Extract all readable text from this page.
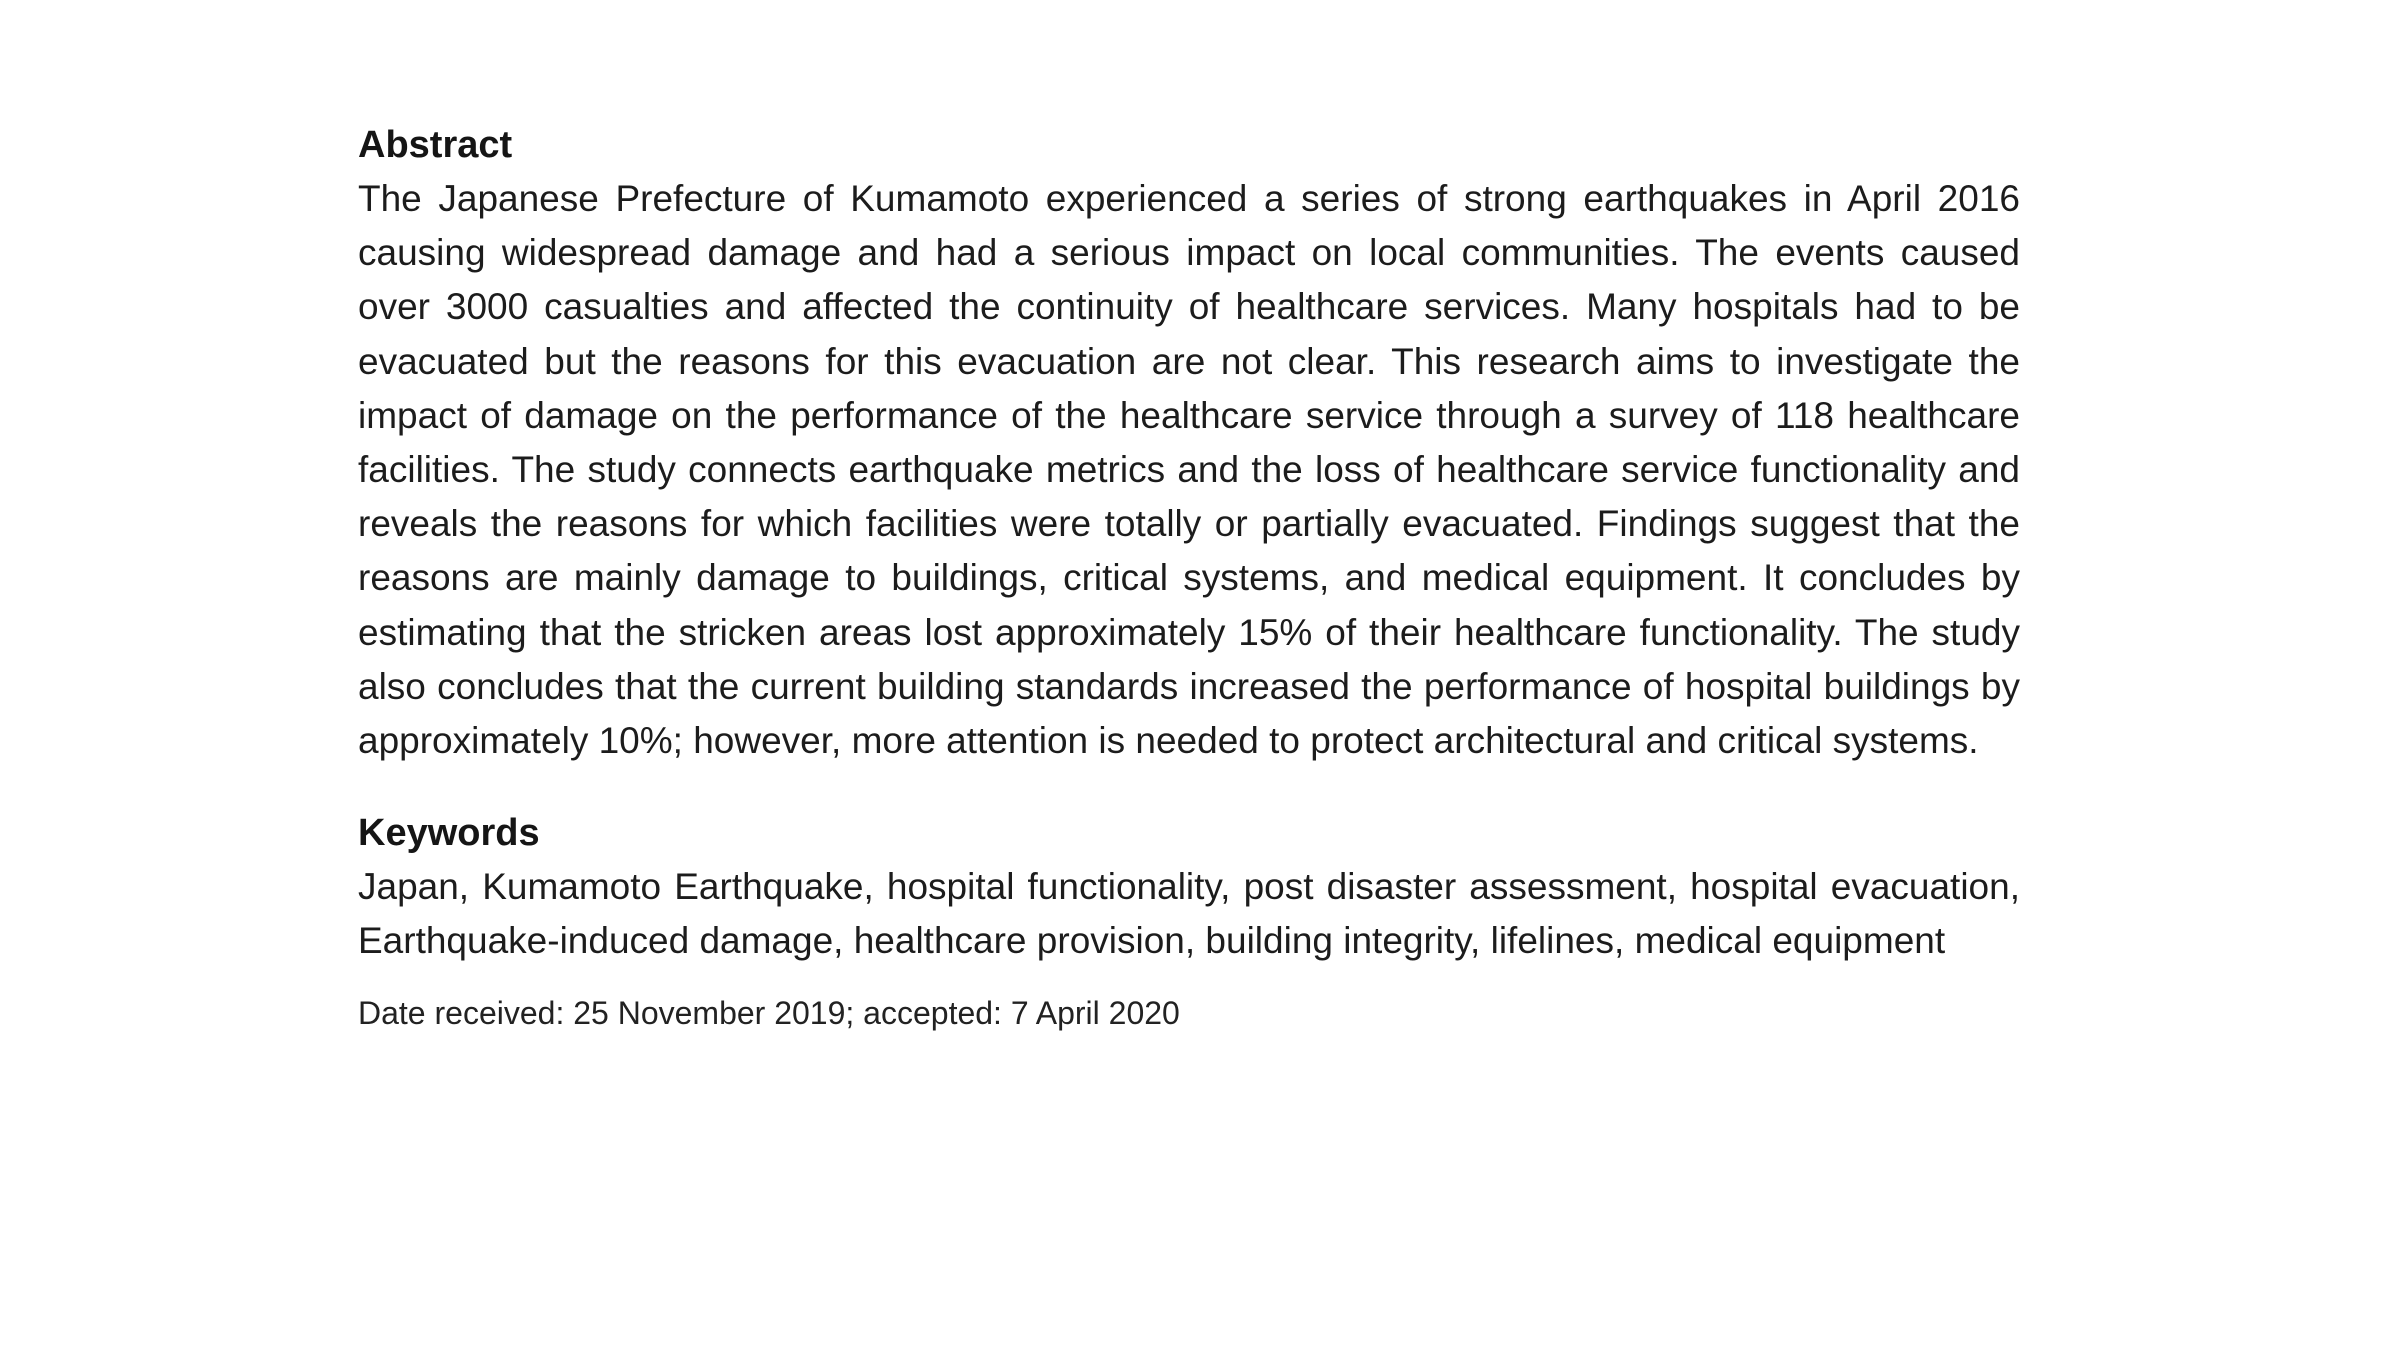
Abstract

The Japanese Prefecture of Kumamoto experienced a series of strong earthquakes in April 2016 causing widespread damage and had a serious impact on local communities. The events caused over 3000 casualties and affected the continuity of healthcare services. Many hospitals had to be evacuated but the reasons for this evacuation are not clear. This research aims to investigate the impact of damage on the performance of the healthcare service through a survey of 118 healthcare facilities. The study connects earthquake metrics and the loss of healthcare service functionality and reveals the reasons for which facilities were totally or partially evacuated. Findings suggest that the reasons are mainly damage to buildings, critical systems, and medical equipment. It concludes by estimating that the stricken areas lost approximately 15% of their healthcare functionality. The study also concludes that the current building standards increased the performance of hospital buildings by approximately 10%; however, more attention is needed to protect architectural and critical systems.

Keywords

Japan, Kumamoto Earthquake, hospital functionality, post disaster assessment, hospital evacuation, Earthquake-induced damage, healthcare provision, building integrity, lifelines, medical equipment

Date received: 25 November 2019; accepted: 7 April 2020
